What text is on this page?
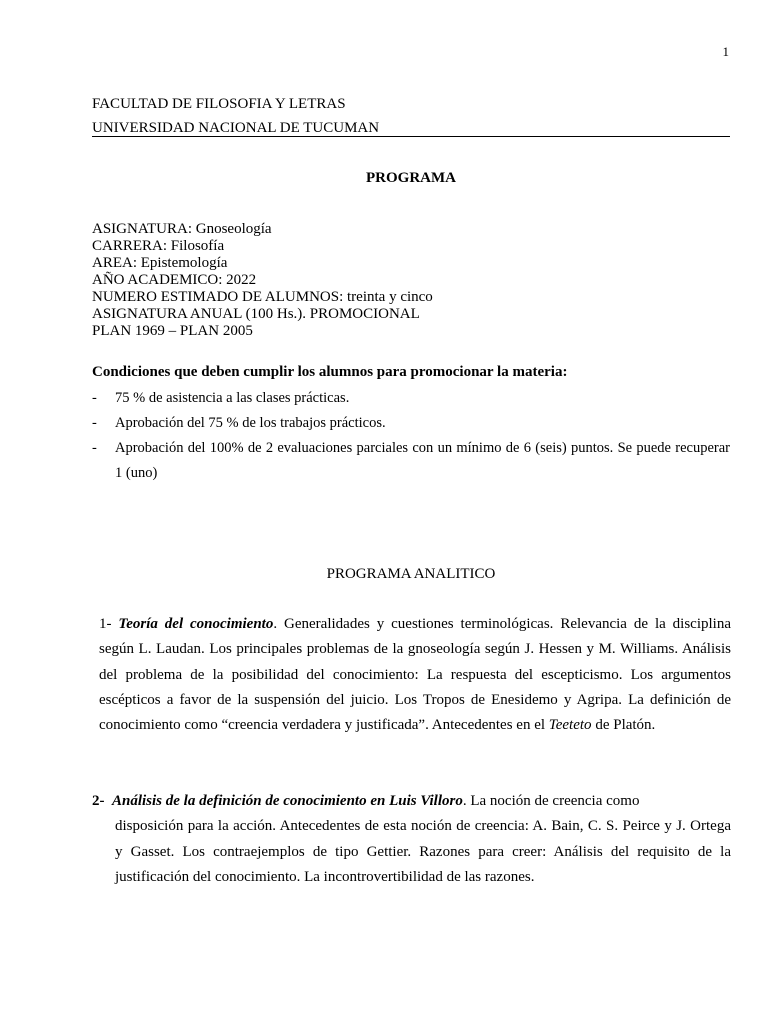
1
FACULTAD DE FILOSOFIA Y LETRAS
UNIVERSIDAD NACIONAL DE TUCUMAN
PROGRAMA
ASIGNATURA: Gnoseología
CARRERA: Filosofía
AREA: Epistemología
AÑO ACADEMICO: 2022
NUMERO ESTIMADO DE ALUMNOS: treinta y cinco
ASIGNATURA ANUAL (100 Hs.). PROMOCIONAL
PLAN 1969 – PLAN 2005
Condiciones que deben cumplir los alumnos para promocionar la materia:
-	75 % de asistencia a las clases prácticas.
-	Aprobación del 75 % de los trabajos prácticos.
-	Aprobación del 100% de 2 evaluaciones parciales con un mínimo de 6 (seis) puntos. Se puede recuperar 1 (uno)
PROGRAMA ANALITICO
1- Teoría del conocimiento. Generalidades y cuestiones terminológicas. Relevancia de la disciplina según L. Laudan. Los principales problemas de la gnoseología según J. Hessen y M. Williams. Análisis del problema de la posibilidad del conocimiento: La respuesta del escepticismo. Los argumentos escépticos a favor de la suspensión del juicio. Los Tropos de Enesidemo y Agripa. La definición de conocimiento como “creencia verdadera y justificada”. Antecedentes en el Teeteto de Platón.
2- Análisis de la definición de conocimiento en Luis Villoro. La noción de creencia como
disposición para la acción. Antecedentes de esta noción de creencia: A. Bain, C. S. Peirce y J. Ortega y Gasset. Los contraejemplos de tipo Gettier. Razones para creer: Análisis del requisito de la justificación del conocimiento. La incontrovertibilidad de las razones.
